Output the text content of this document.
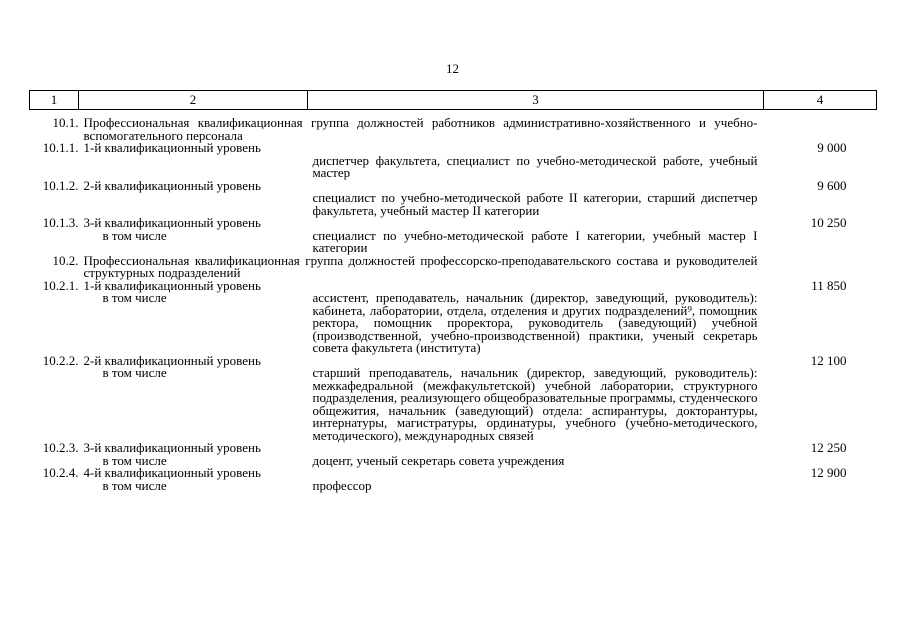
12
1	2	3	4
10.1.	Профессиональная квалификационная группа должностей работников административно-хозяйственного и учебно-вспомогательного персонала		
10.1.1.	1-й квалификационный уровень		9 000
		диспетчер факультета, специалист по учебно-методической работе, учебный мастер	
10.1.2.	2-й квалификационный уровень		9 600
		специалист по учебно-методической работе II категории, старший диспетчер факультета, учебный мастер II категории	
10.1.3.	3-й квалификационный уровень		10 250
	в том числе	специалист по учебно-методической работе I категории, учебный мастер I категории	
10.2.	Профессиональная квалификационная группа должностей профессорско-преподавательского состава и руководителей структурных подразделений		
10.2.1.	1-й квалификационный уровень		11 850
	в том числе	ассистент, преподаватель, начальник (директор, заведующий, руководитель): кабинета, лаборатории, отдела, отделения и других подразделений⁹, помощник ректора, помощник проректора, руководитель (заведующий) учебной (производственной, учебно-производственной) практики, ученый секретарь совета факультета (института)	
10.2.2.	2-й квалификационный уровень		12 100
	в том числе	старший преподаватель, начальник (директор, заведующий, руководитель): межкафедральной (межфакультетской) учебной лаборатории, структурного подразделения, реализующего общеобразовательные программы, студенческого общежития, начальник (заведующий) отдела: аспирантуры, докторантуры, интернатуры, магистратуры, ординатуры, учебного (учебно-методического, методического), международных связей	
10.2.3.	3-й квалификационный уровень		12 250
	в том числе	доцент, ученый секретарь совета учреждения	
10.2.4.	4-й квалификационный уровень		12 900
	в том числе	профессор	
